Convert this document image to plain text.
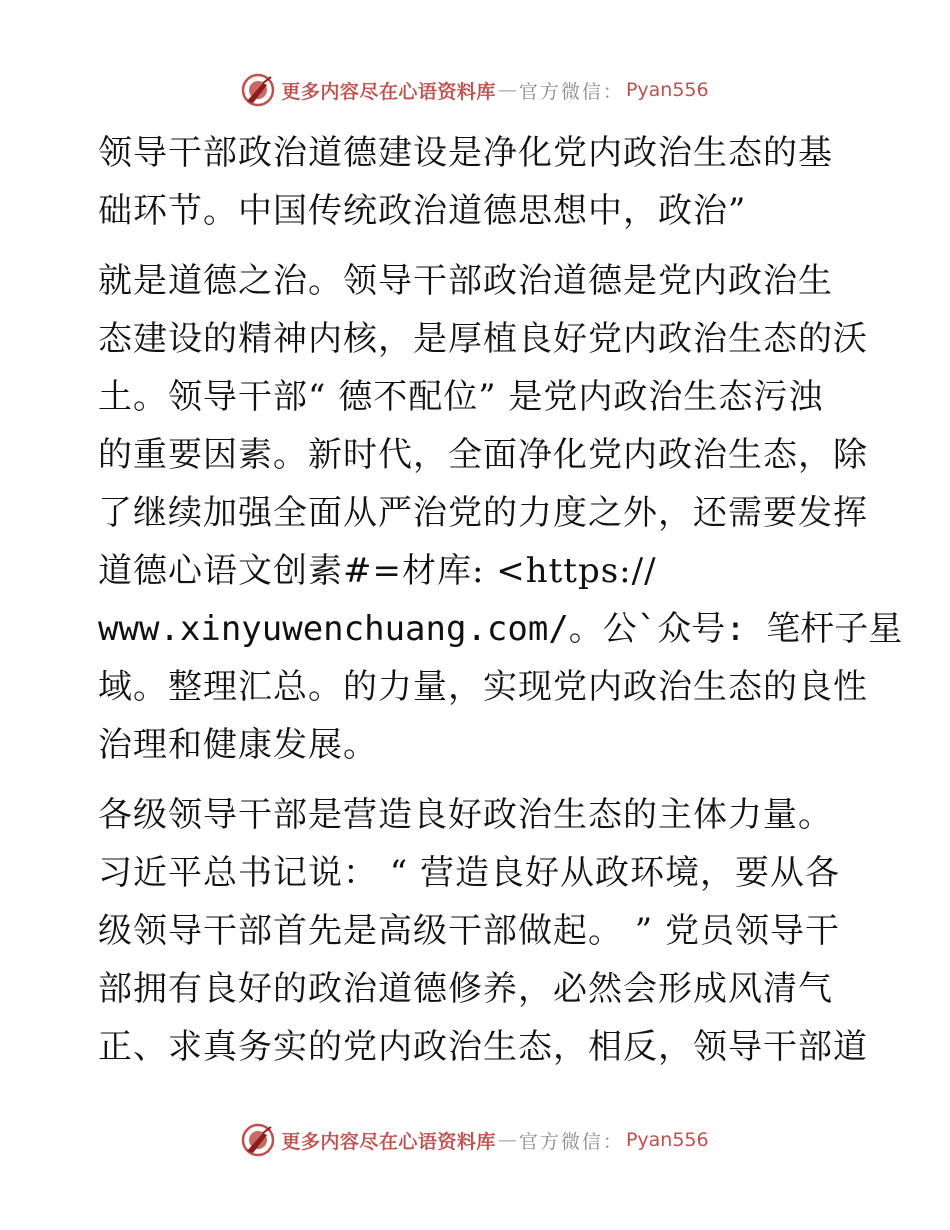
更多内容尽在心语资料库 — 官方微信： Pyan556
领导干部政治道德建设是净化党内政治生态的基
础环节。中国传统政治道德思想中，政治”
就是道德之治。领导干部政治道德是党内政治生
态建设的精神内核，是厚植良好党内政治生态的沃
土。领导干部“ 德不配位” 是党内政治生态污浊
的重要因素。新时代，全面净化党内政治生态，除
了继续加强全面从严治党的力度之外，还需要发挥
道德心语文创素#=材库: <https://
www.xinyuwenchuang.com/。公`众号: 笔杆子星
域。整理汇总。的力量，实现党内政治生态的良性
治理和健康发展。
各级领导干部是营造良好政治生态的主体力量。
习近平总书记说： “ 营造良好从政环境，要从各
级领导干部首先是高级干部做起。 ” 党员领导干
部拥有良好的政治道德修养，必然会形成风清气
正、求真务实的党内政治生态，相反，领导干部道
更多内容尽在心语资料库 — 官方微信： Pyan556
